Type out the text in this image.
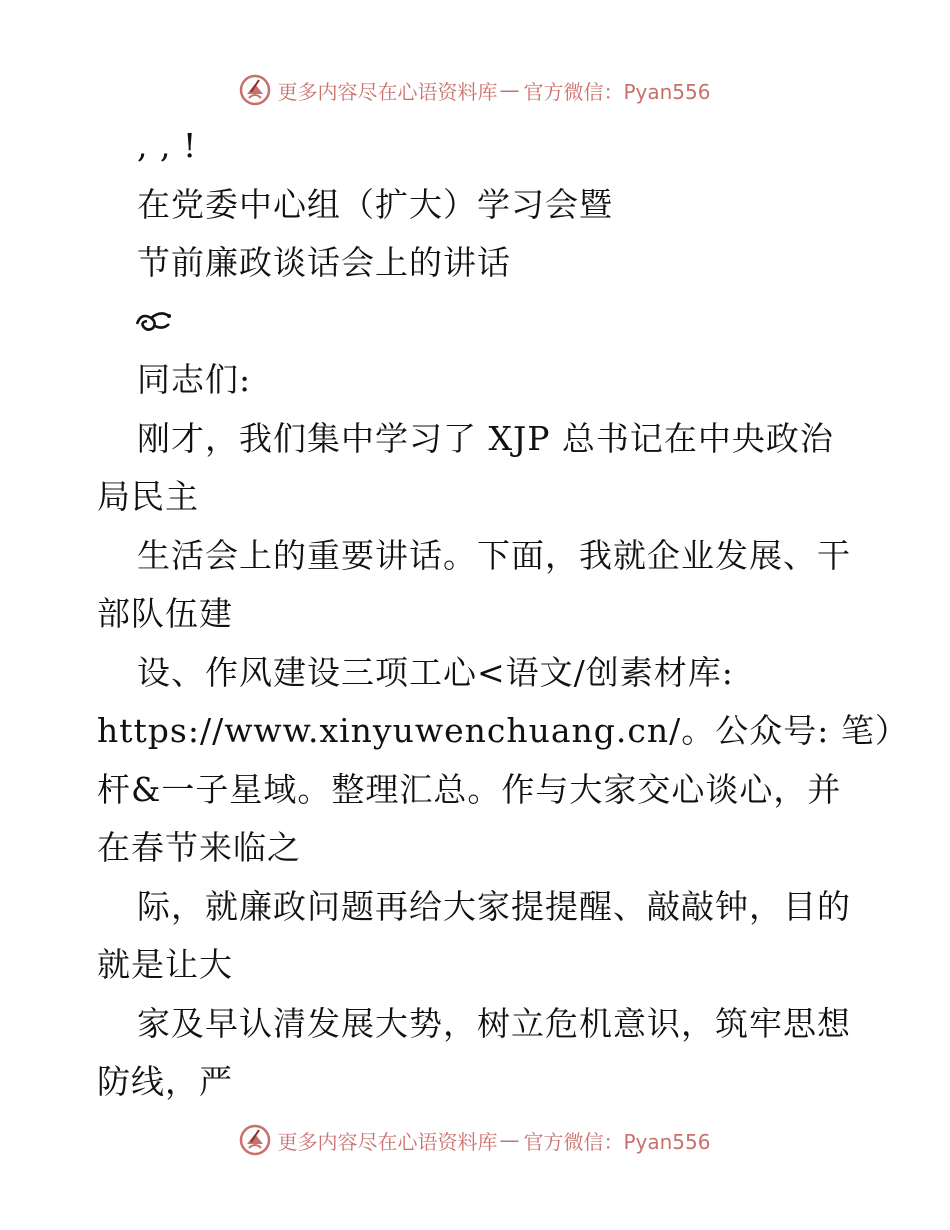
更多内容尽在心语资料库 — 官方微信：Pyan556
, , !
在党委中心组（扩大）学习会暨
节前廉政谈话会上的讲话
同志们:
刚才，我们集中学习了 XJP 总书记在中央政治
局民主
生活会上的重要讲话。下面，我就企业发展、干
部队伍建
设、作风建设三项工心<语文/创素材库:
https://www.xinyuwenchuang.cn/。公众号: 笔）
杆&一子星域。整理汇总。作与大家交心谈心，并
在春节来临之
际，就廉政问题再给大家提提醒、敲敲钟，目的
就是让大
家及早认清发展大势，树立危机意识，筑牢思想
防线，严
更多内容尽在心语资料库 — 官方微信：Pyan556
